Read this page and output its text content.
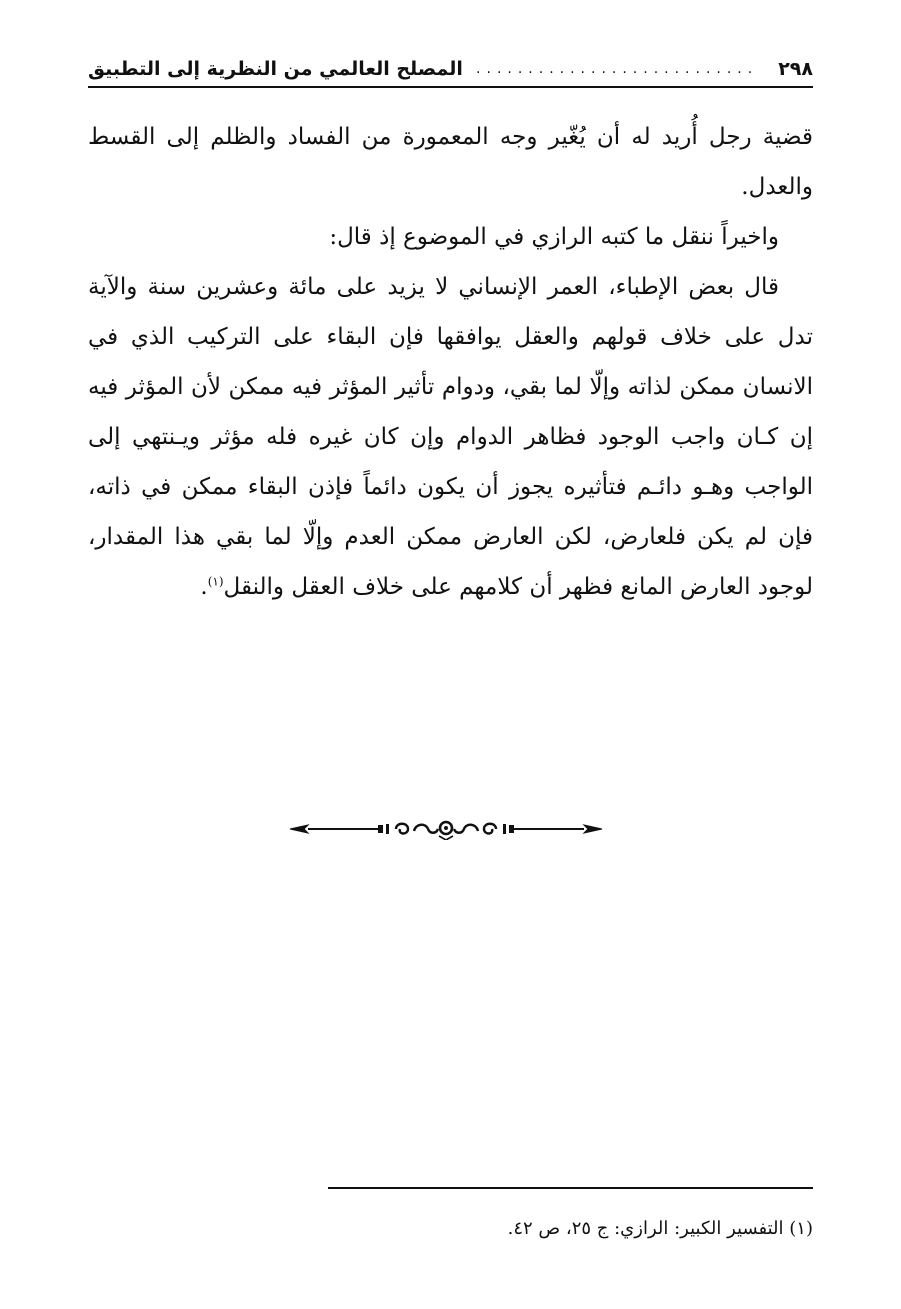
٢٩٨
...........................
المصلح العالمي من النظرية إلى التطبيق

قضية رجل أُريد له أن يُغّير وجه المعمورة من الفساد والظلم إلى القسط والعدل.

واخيراً ننقل ما كتبه الرازي في الموضوع إذ قال:

قال بعض الإطباء، العمر الإنساني لا يزيد على مائة وعشرين سنة والآية تدل على خلاف قولهم والعقل يوافقها فإن البقاء على التركيب الذي في الانسان ممكن لذاته وإلّا لما بقي، ودوام تأثير المؤثر فيه ممكن لأن المؤثر فيه إن كـان واجب الوجود فظاهر الدوام وإن كان غيره فله مؤثر ويـنتهي إلى الواجب وهـو دائـم فتأثيره يجوز أن يكون دائماً فإذن البقاء ممكن في ذاته، فإن لم يكن فلعارض، لكن العارض ممكن العدم وإلّا لما بقي هذا المقدار، لوجود العارض المانع فظهر أن كلامهم على خلاف العقل والنقل$^{(١)}$.

(١) التفسير الكبير: الرازي: ج ٢٥، ص ٤٢.
